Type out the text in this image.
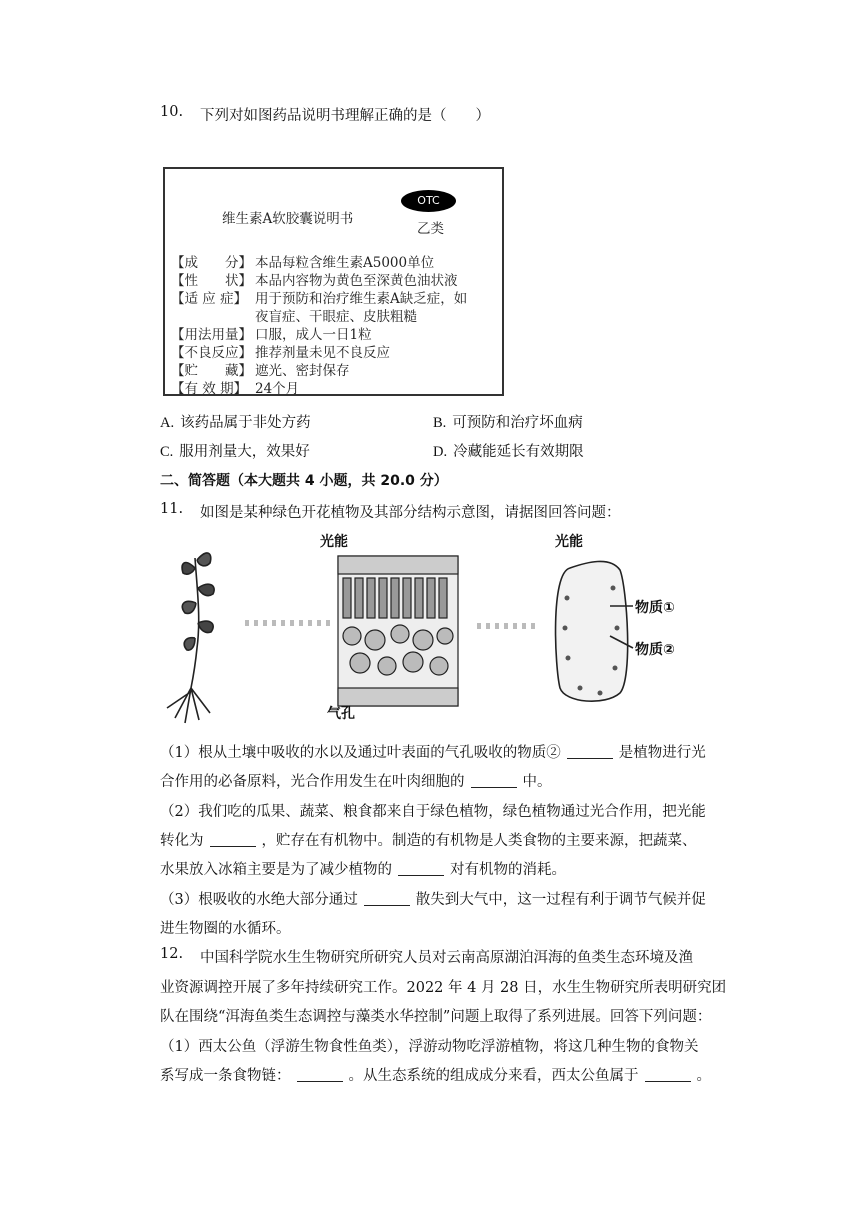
10. 下列对如图药品说明书理解正确的是（　　）
维生素A软胶囊说明书
OTC
乙类
【成　　分】 本品每粒含维生素A5000单位
【性　　状】 本品内容物为黄色至深黄色油状液
【适 应 症】 用于预防和治疗维生素A缺乏症，如
夜盲症、干眼症、皮肤粗糙
【用法用量】 口服，成人一日1粒
【不良反应】 推荐剂量未见不良反应
【贮　　藏】 遮光、密封保存
【有 效 期】 24个月
A. 该药品属于非处方药	B. 可预防和治疗坏血病
C. 服用剂量大，效果好	D. 冷藏能延长有效期限
二、简答题（本大题共 4 小题，共 20.0 分）
11. 如图是某种绿色开花植物及其部分结构示意图，请据图回答问题：
光能
气孔
光能
物质①
物质②
（1）根从土壤中吸收的水以及通过叶表面的气孔吸收的物质②	是植物进行光
合作用的必备原料，光合作用发生在叶肉细胞的	中。
（2）我们吃的瓜果、蔬菜、粮食都来自于绿色植物，绿色植物通过光合作用，把光能
转化为	，贮存在有机物中。制造的有机物是人类食物的主要来源，把蔬菜、
水果放入冰箱主要是为了减少植物的	对有机物的消耗。
（3）根吸收的水绝大部分通过	散失到大气中，这一过程有利于调节气候并促
进生物圈的水循环。
12. 中国科学院水生生物研究所研究人员对云南高原湖泊洱海的鱼类生态环境及渔
业资源调控开展了多年持续研究工作。2022 年 4 月 28 日，水生生物研究所表明研究团
队在围绕“洱海鱼类生态调控与藻类水华控制”问题上取得了系列进展。回答下列问题：
（1）西太公鱼（浮游生物食性鱼类），浮游动物吃浮游植物，将这几种生物的食物关
系写成一条食物链：	。从生态系统的组成成分来看，西太公鱼属于	。
